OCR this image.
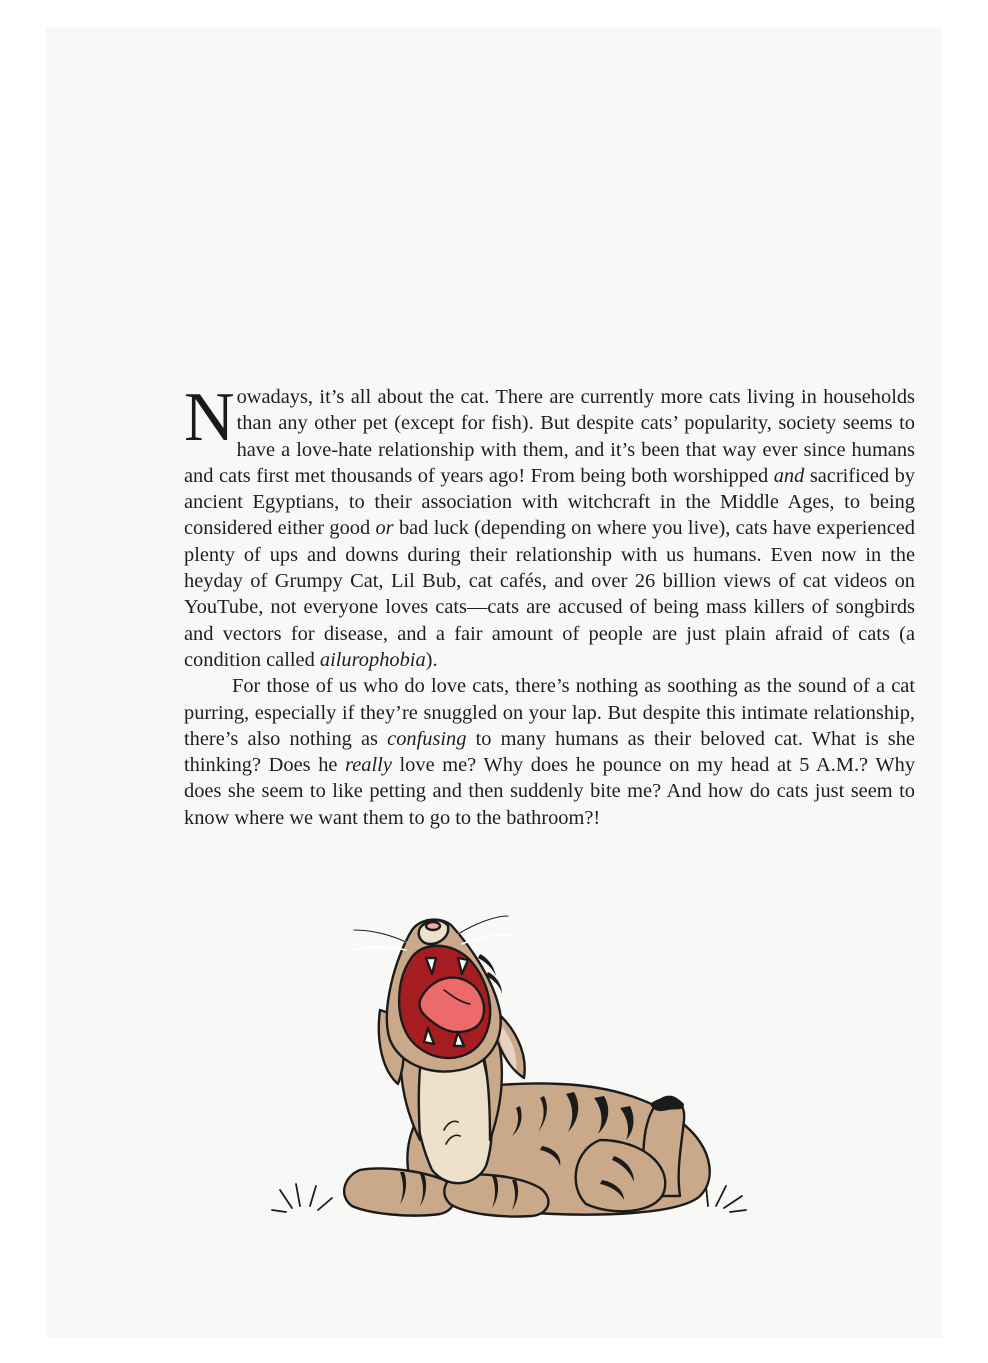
Nowadays, it’s all about the cat. There are currently more cats living in households than any other pet (except for fish). But despite cats’ popularity, society seems to have a love-hate relationship with them, and it’s been that way ever since humans and cats first met thousands of years ago! From being both worshipped and sacrificed by ancient Egyptians, to their association with witchcraft in the Middle Ages, to being considered either good or bad luck (depending on where you live), cats have experienced plenty of ups and downs during their relationship with us humans. Even now in the heyday of Grumpy Cat, Lil Bub, cat cafés, and over 26 billion views of cat videos on YouTube, not everyone loves cats—cats are accused of being mass killers of songbirds and vectors for disease, and a fair amount of people are just plain afraid of cats (a condition called ailurophobia).

For those of us who do love cats, there’s nothing as soothing as the sound of a cat purring, especially if they’re snuggled on your lap. But despite this intimate relationship, there’s also nothing as confusing to many humans as their beloved cat. What is she thinking? Does he really love me? Why does he pounce on my head at 5 A.M.? Why does she seem to like petting and then suddenly bite me? And how do cats just seem to know where we want them to go to the bathroom?!
